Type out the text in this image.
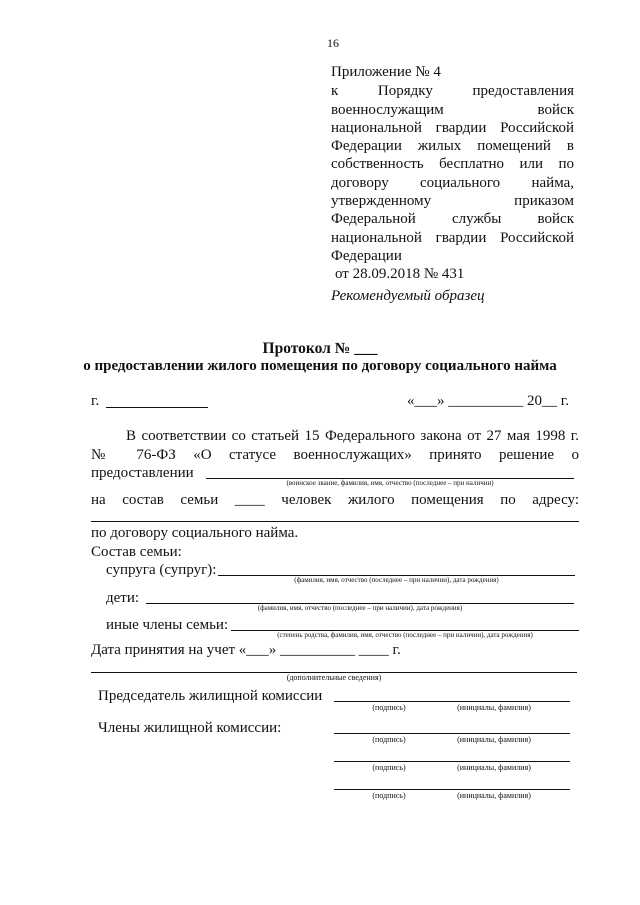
16
Приложение № 4
к Порядку предоставления
военнослужащим войск
национальной гвардии Российской
Федерации жилых помещений в
собственность бесплатно или по
договору социального найма,
утвержденному приказом
Федеральной службы войск
национальной гвардии Российской
Федерации
от 28.09.2018 № 431
Рекомендуемый образец
Протокол № ___
о предоставлении жилого помещения по договору социального найма
г.	«___» __________ 20__ г.
В соответствии со статьей 15 Федерального закона от 27 мая 1998 г.
№ 76-ФЗ «О статусе военнослужащих» принято решение о
предоставлении
(воинское звание, фамилия, имя, отчество (последнее – при наличии)
на состав семьи ____ человек жилого помещения по адресу:
по договору социального найма.
Состав семьи:
супруга (супруг):
(фамилия, имя, отчество (последнее – при наличии), дата рождения)
дети:
(фамилия, имя, отчество (последнее – при наличии), дата рождения)
иные члены семьи:
(степень родства, фамилия, имя, отчество (последнее – при наличии), дата рождения)
Дата принятия на учет «___» __________ ____ г.
(дополнительные сведения)
Председатель жилищной комиссии
(подпись)	(инициалы, фамилия)
Члены жилищной комиссии:
(подпись)	(инициалы, фамилия)
(подпись)	(инициалы, фамилия)
(подпись)	(инициалы, фамилия)
